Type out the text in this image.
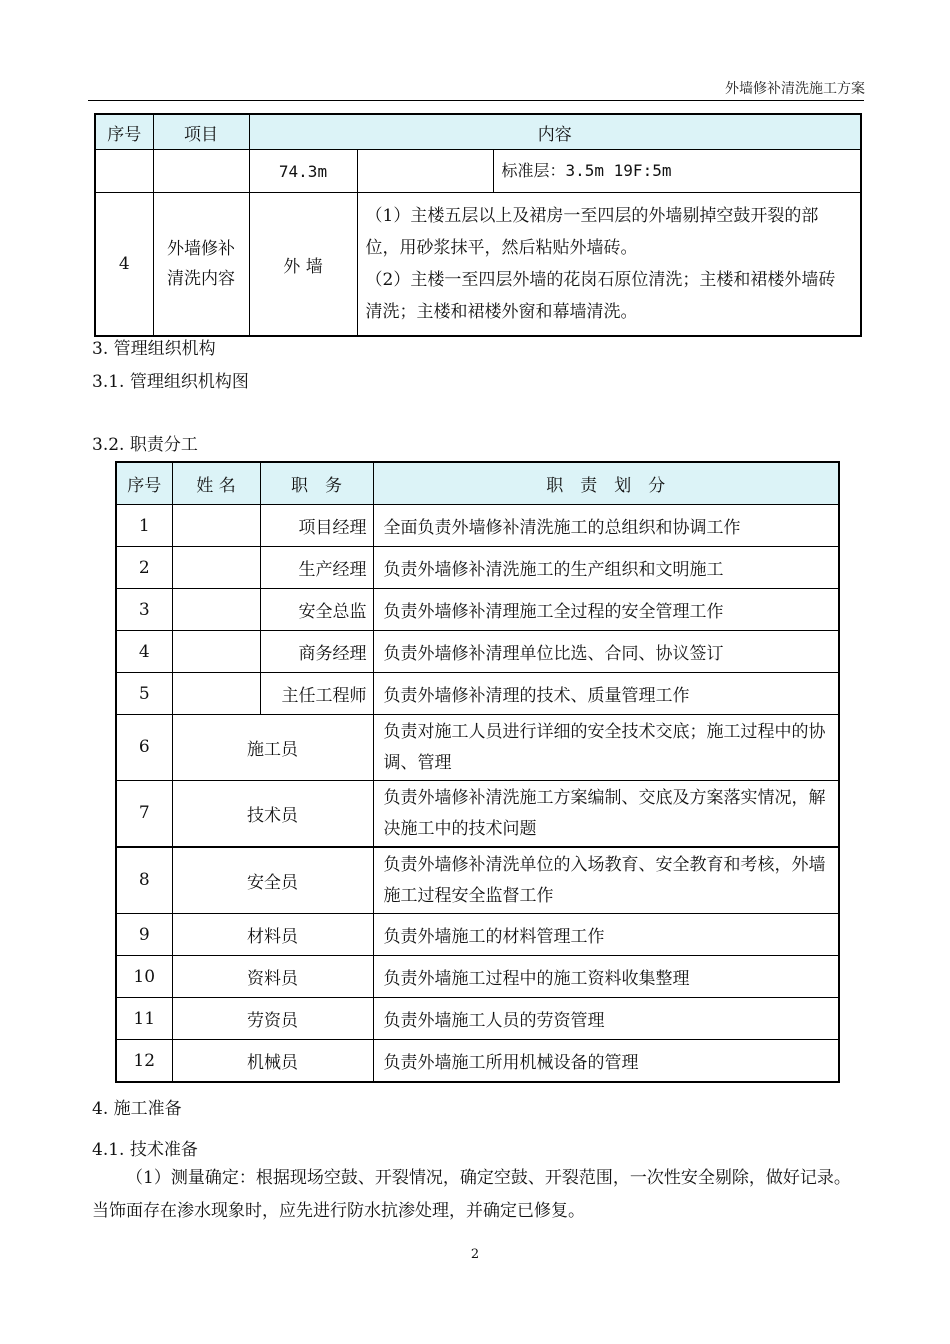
外墙修补清洗施工方案
序号	项目	内容		
		74.3m		标准层：3.5m 19F:5m
4	外墙修补清洗内容	外 墙	（1）主楼五层以上及裙房一至四层的外墙剔掉空鼓开裂的部位，用砂浆抹平，然后粘贴外墙砖。
（2）主楼一至四层外墙的花岗石原位清洗；主楼和裙楼外墙砖清洗；主楼和裙楼外窗和幕墙清洗。	
3. 管理组织机构
3.1. 管理组织机构图
3.2. 职责分工
序号	姓 名	职　务	职　责　划　分
1		项目经理	全面负责外墙修补清洗施工的总组织和协调工作
2		生产经理	负责外墙修补清洗施工的生产组织和文明施工
3		安全总监	负责外墙修补清理施工全过程的安全管理工作
4		商务经理	负责外墙修补清理单位比选、合同、协议签订
5		主任工程师	负责外墙修补清理的技术、质量管理工作
6	施工员		负责对施工人员进行详细的安全技术交底；施工过程中的协调、管理
7	技术员		负责外墙修补清洗施工方案编制、交底及方案落实情况，解决施工中的技术问题
8	安全员		负责外墙修补清洗单位的入场教育、安全教育和考核，外墙施工过程安全监督工作
9	材料员		负责外墙施工的材料管理工作
10	资料员		负责外墙施工过程中的施工资料收集整理
11	劳资员		负责外墙施工人员的劳资管理
12	机械员		负责外墙施工所用机械设备的管理
4. 施工准备
4.1. 技术准备
（1）测量确定：根据现场空鼓、开裂情况，确定空鼓、开裂范围，一次性安全剔除，做好记录。当饰面存在渗水现象时，应先进行防水抗渗处理，并确定已修复。
2
